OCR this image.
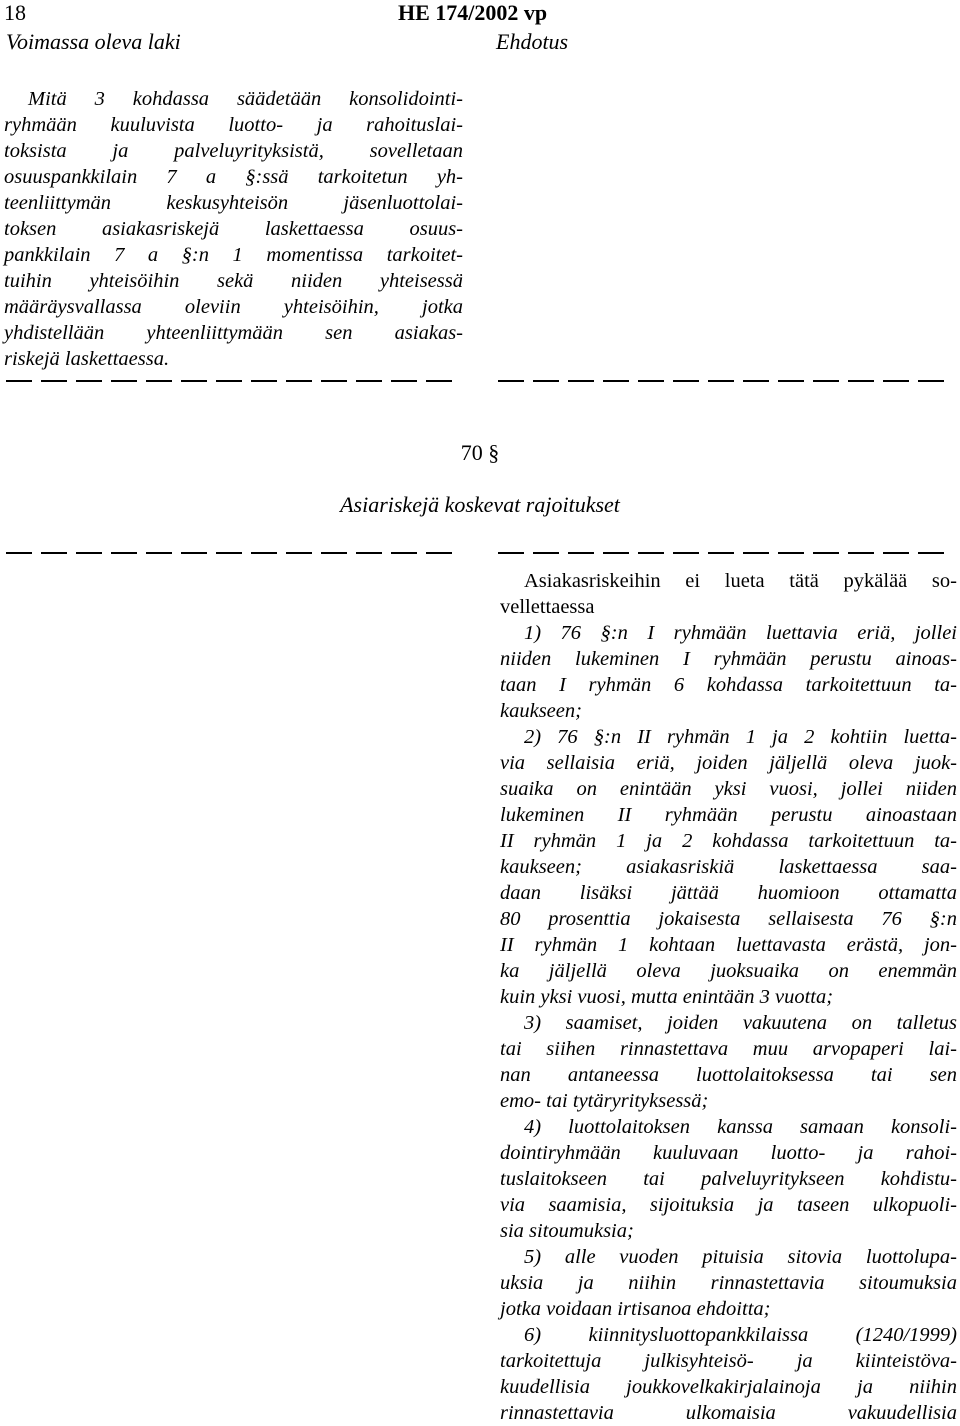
18	HE 174/2002 vp
Voimassa oleva laki	Ehdotus
Mitä 3 kohdassa säädetään konsolidointi-
ryhmään kuuluvista luotto- ja rahoituslai-
toksista ja palveluyrityksistä, sovelletaan
osuuspankkilain 7 a §:ssä tarkoitetun yh-
teenliittymän keskusyhteisön jäsenluottolai-
toksen asiakasriskejä laskettaessa osuus-
pankkilain 7 a §:n 1 momentissa tarkoitet-
tuihin yhteisöihin sekä niiden yhteisessä
määräysvallassa oleviin yhteisöihin, jotka
yhdistellään yhteenliittymään sen asiakas-
riskejä laskettaessa.
70 §
Asiariskejä koskevat rajoitukset
Asiakasriskeihin ei lueta tätä pykälää so-
vellettaessa
1) 76 §:n I ryhmään luettavia eriä, jollei
niiden lukeminen I ryhmään perustu ainoas-
taan I ryhmän 6 kohdassa tarkoitettuun ta-
kaukseen;
2) 76 §:n II ryhmän 1 ja 2 kohtiin luetta-
via sellaisia eriä, joiden jäljellä oleva juok-
suaika on enintään yksi vuosi, jollei niiden
lukeminen II ryhmään perustu ainoastaan
II ryhmän 1 ja 2 kohdassa tarkoitettuun ta-
kaukseen; asiakasriskiä laskettaessa saa-
daan lisäksi jättää huomioon ottamatta
80 prosenttia jokaisesta sellaisesta 76 §:n
II ryhmän 1 kohtaan luettavasta erästä, jon-
ka jäljellä oleva juoksuaika on enemmän
kuin yksi vuosi, mutta enintään 3 vuotta;
3) saamiset, joiden vakuutena on talletus
tai siihen rinnastettava muu arvopaperi lai-
nan antaneessa luottolaitoksessa tai sen
emo- tai tytäryrityksessä;
4) luottolaitoksen kanssa samaan konsoli-
dointiryhmään kuuluvaan luotto- ja rahoi-
tuslaitokseen tai palveluyritykseen kohdistu-
via saamisia, sijoituksia ja taseen ulkopuoli-
sia sitoumuksia;
5) alle vuoden pituisia sitovia luottolupa-
uksia ja niihin rinnastettavia sitoumuksia
jotka voidaan irtisanoa ehdoitta;
6) kiinnitysluottopankkilaissa (1240/1999)
tarkoitettuja julkisyhteisö- ja kiinteistöva-
kuudellisia joukkovelkakirjalainoja ja niihin
rinnastettavia ulkomaisia vakuudellisia
